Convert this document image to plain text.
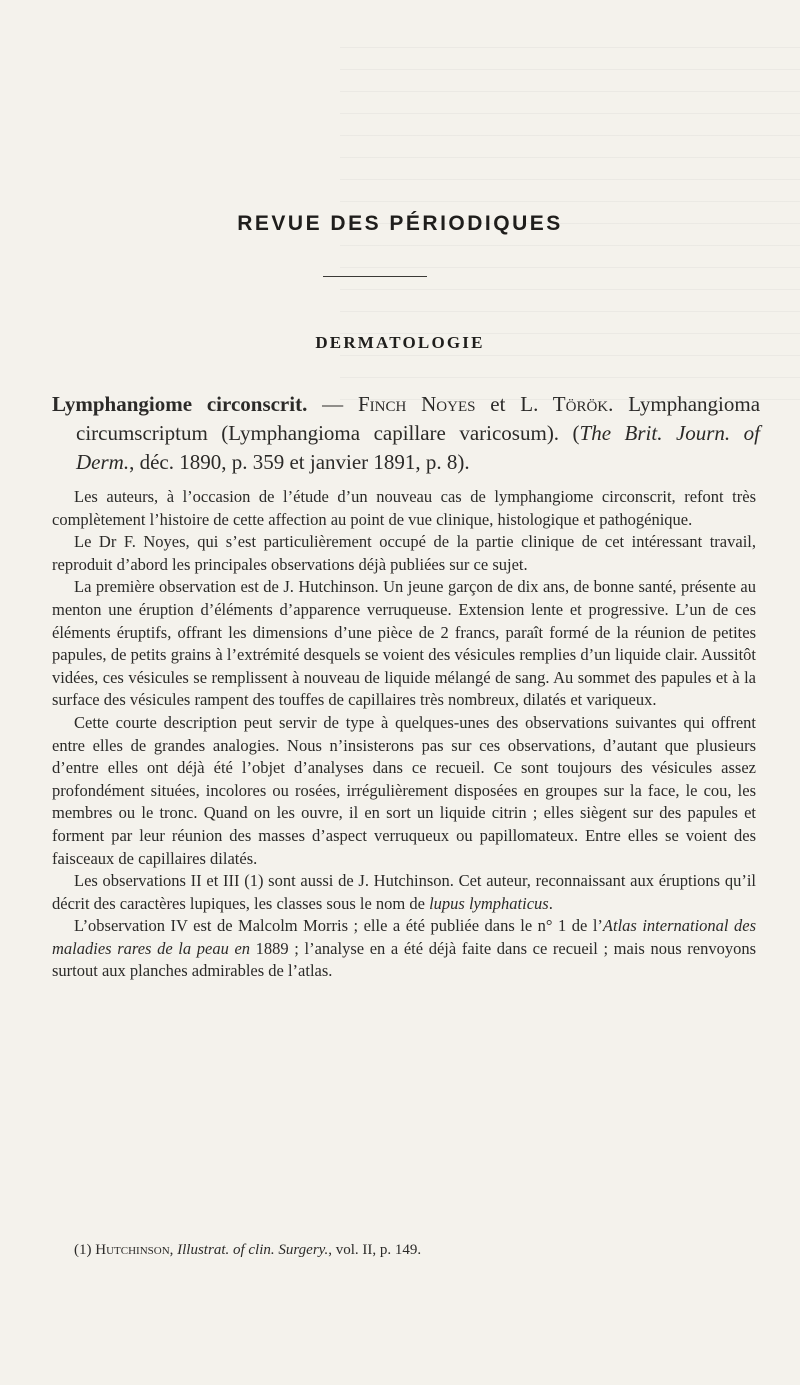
REVUE DES PÉRIODIQUES
DERMATOLOGIE
Lymphangiome circonscrit. — Finch Noyes et L. Török. Lymphangioma circumscriptum (Lymphangioma capillare varicosum). (The Brit. Journ. of Derm., déc. 1890, p. 359 et janvier 1891, p. 8).

Les auteurs, à l’occasion de l’étude d’un nouveau cas de lymphangiome circonscrit, refont très complètement l’histoire de cette affection au point de vue clinique, histologique et pathogénique.

Le Dr F. Noyes, qui s’est particulièrement occupé de la partie clinique de cet intéressant travail, reproduit d’abord les principales observations déjà publiées sur ce sujet.

La première observation est de J. Hutchinson. Un jeune garçon de dix ans, de bonne santé, présente au menton une éruption d’éléments d’apparence verruqueuse. Extension lente et progressive. L’un de ces éléments éruptifs, offrant les dimensions d’une pièce de 2 francs, paraît formé de la réunion de petites papules, de petits grains à l’extrémité desquels se voient des vésicules remplies d’un liquide clair. Aussitôt vidées, ces vésicules se remplissent à nouveau de liquide mélangé de sang. Au sommet des papules et à la surface des vésicules rampent des touffes de capillaires très nombreux, dilatés et variqueux.

Cette courte description peut servir de type à quelques-unes des observations suivantes qui offrent entre elles de grandes analogies. Nous n’insisterons pas sur ces observations, d’autant que plusieurs d’entre elles ont déjà été l’objet d’analyses dans ce recueil. Ce sont toujours des vésicules assez profondément situées, incolores ou rosées, irrégulièrement disposées en groupes sur la face, le cou, les membres ou le tronc. Quand on les ouvre, il en sort un liquide citrin ; elles siègent sur des papules et forment par leur réunion des masses d’aspect verruqueux ou papillomateux. Entre elles se voient des faisceaux de capillaires dilatés.

Les observations II et III (1) sont aussi de J. Hutchinson. Cet auteur, reconnaissant aux éruptions qu’il décrit des caractères lupiques, les classes sous le nom de lupus lymphaticus.

L’observation IV est de Malcolm Morris ; elle a été publiée dans le n° 1 de l’Atlas international des maladies rares de la peau en 1889 ; l’analyse en a été déjà faite dans ce recueil ; mais nous renvoyons surtout aux planches admirables de l’atlas.

(1) Hutchinson, Illustrat. of clin. Surgery., vol. II, p. 149.
